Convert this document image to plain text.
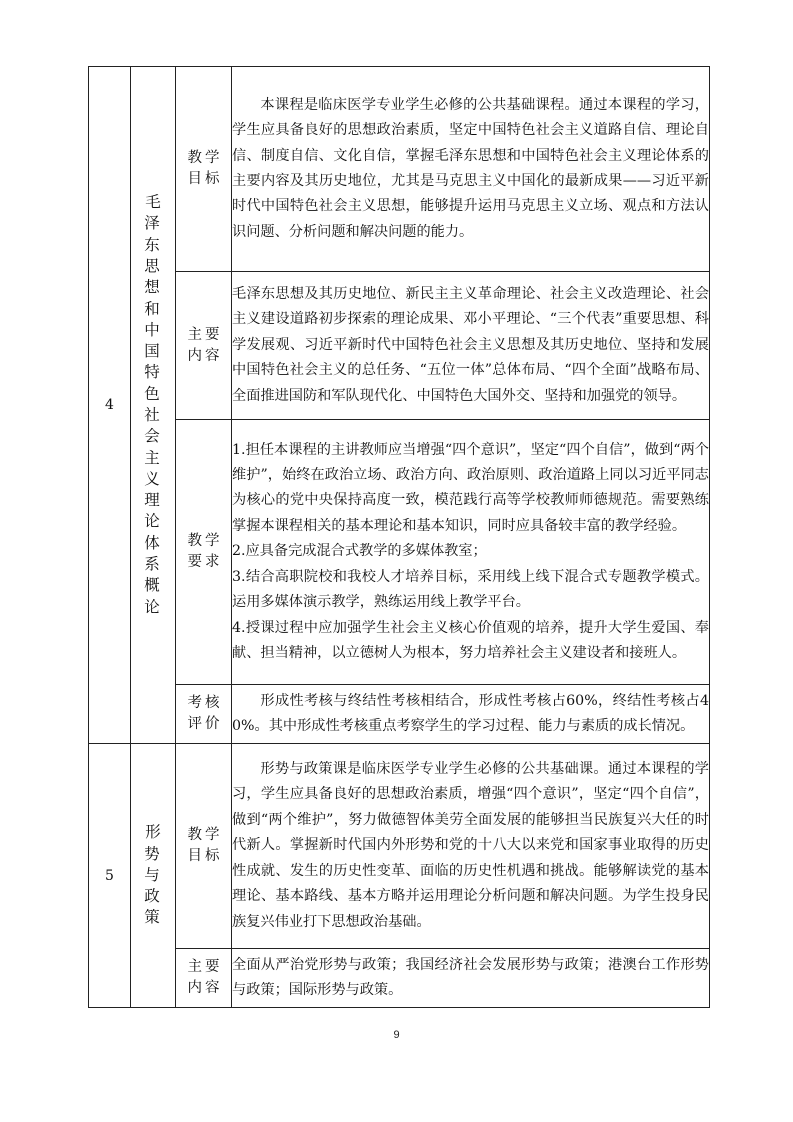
4	毛泽东思想和中国特色社会主义理论体系概论	教学目标	本课程是临床医学专业学生必修的公共基础课程。通过本课程的学习，学生应具备良好的思想政治素质，坚定中国特色社会主义道路自信、理论自信、制度自信、文化自信，掌握毛泽东思想和中国特色社会主义理论体系的主要内容及其历史地位，尤其是马克思主义中国化的最新成果——习近平新时代中国特色社会主义思想，能够提升运用马克思主义立场、观点和方法认识问题、分析问题和解决问题的能力。

		主要内容	毛泽东思想及其历史地位、新民主主义革命理论、社会主义改造理论、社会主义建设道路初步探索的理论成果、邓小平理论、“三个代表”重要思想、科学发展观、习近平新时代中国特色社会主义思想及其历史地位、坚持和发展中国特色社会主义的总任务、“五位一体”总体布局、“四个全面”战略布局、全面推进国防和军队现代化、中国特色大国外交、坚持和加强党的领导。

		教学要求	1.担任本课程的主讲教师应当增强“四个意识”，坚定“四个自信”，做到“两个维护”，始终在政治立场、政治方向、政治原则、政治道路上同以习近平同志为核心的党中央保持高度一致，模范践行高等学校教师师德规范。需要熟练掌握本课程相关的基本理论和基本知识，同时应具备较丰富的教学经验。

2.应具备完成混合式教学的多媒体教室；

3.结合高职院校和我校人才培养目标，采用线上线下混合式专题教学模式。运用多媒体演示教学，熟练运用线上教学平台。

4.授课过程中应加强学生社会主义核心价值观的培养，提升大学生爱国、奉献、担当精神，以立德树人为根本，努力培养社会主义建设者和接班人。

		考核评价	形成性考核与终结性考核相结合，形成性考核占60%，终结性考核占40%。其中形成性考核重点考察学生的学习过程、能力与素质的成长情况。

5	形势与政策	教学目标	形势与政策课是临床医学专业学生必修的公共基础课。通过本课程的学习，学生应具备良好的思想政治素质，增强“四个意识”，坚定“四个自信”，做到“两个维护”，努力做德智体美劳全面发展的能够担当民族复兴大任的时代新人。掌握新时代国内外形势和党的十八大以来党和国家事业取得的历史性成就、发生的历史性变革、面临的历史性机遇和挑战。能够解读党的基本理论、基本路线、基本方略并运用理论分析问题和解决问题。为学生投身民族复兴伟业打下思想政治基础。

		主要内容	全面从严治党形势与政策；我国经济社会发展形势与政策；港澳台工作形势与政策；国际形势与政策。

9
